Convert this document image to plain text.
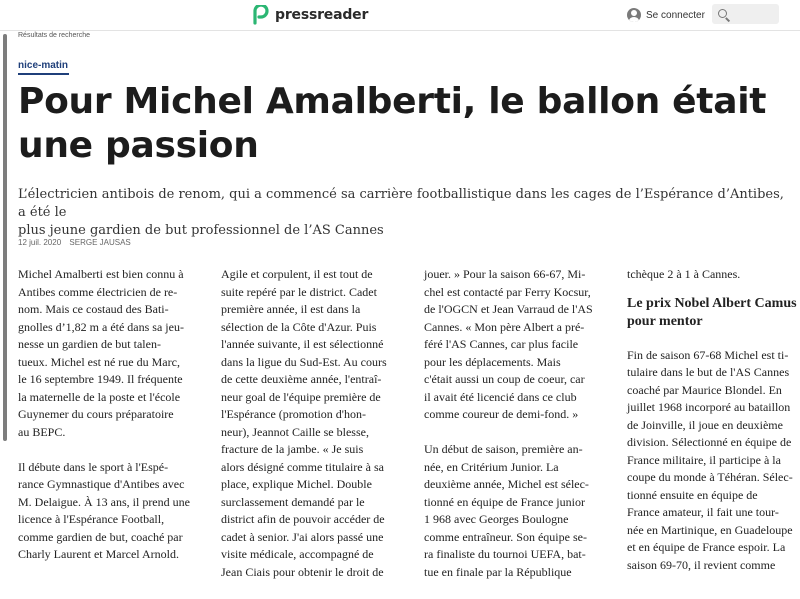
pressreader	Se connecter
Résultats de recherche
nice-matin
Pour Michel Amalberti, le ballon était
une passion

L’électricien antibois de renom, qui a commencé sa carrière footballistique dans les cages de l’Espérance d’Antibes, a été le
plus jeune gardien de but professionnel de l’AS Cannes

12 juil. 2020 SERGE JAUSAS

Michel Amalberti est bien connu à
Antibes comme électricien de re-
nom. Mais ce costaud des Bati-
gnolles d’1,82 m a été dans sa jeu-
nesse un gardien de but talen-
tueux. Michel est né rue du Marc,
le 16 septembre 1949. Il fréquente
la maternelle de la poste et l'école
Guynemer du cours préparatoire
au BEPC.

Il débute dans le sport à l'Espé-
rance Gymnastique d'Antibes avec
M. Delaigue. À 13 ans, il prend une
licence à l'Espérance Football,
comme gardien de but, coaché par
Charly Laurent et Marcel Arnold.

Agile et corpulent, il est tout de
suite repéré par le district. Cadet
première année, il est dans la
sélection de la Côte d'Azur. Puis
l'année suivante, il est sélectionné
dans la ligue du Sud-Est. Au cours
de cette deuxième année, l'entraî-
neur goal de l'équipe première de
l'Espérance (promotion d'hon-
neur), Jeannot Caille se blesse,
fracture de la jambe. « Je suis
alors désigné comme titulaire à sa
place, explique Michel. Double
surclassement demandé par le
district afin de pouvoir accéder de
cadet à senior. J'ai alors passé une
visite médicale, accompagné de
Jean Ciais pour obtenir le droit de

jouer. » Pour la saison 66-67, Mi-
chel est contacté par Ferry Kocsur,
de l'OGCN et Jean Varraud de l'AS
Cannes. « Mon père Albert a pré-
féré l'AS Cannes, car plus facile
pour les déplacements. Mais
c'était aussi un coup de coeur, car
il avait été licencié dans ce club
comme coureur de demi-fond. »

Un début de saison, première an-
née, en Critérium Junior. La
deuxième année, Michel est sélec-
tionné en équipe de France junior
1 968 avec Georges Boulogne
comme entraîneur. Son équipe se-
ra finaliste du tournoi UEFA, bat-
tue en finale par la République

tchèque 2 à 1 à Cannes.

Le prix Nobel Albert Camus
pour mentor

Fin de saison 67-68 Michel est ti-
tulaire dans le but de l'AS Cannes
coaché par Maurice Blondel. En
juillet 1968 incorporé au bataillon
de Joinville, il joue en deuxième
division. Sélectionné en équipe de
France militaire, il participe à la
coupe du monde à Téhéran. Sélec-
tionné ensuite en équipe de
France amateur, il fait une tour-
née en Martinique, en Guadeloupe
et en équipe de France espoir. La
saison 69-70, il revient comme
